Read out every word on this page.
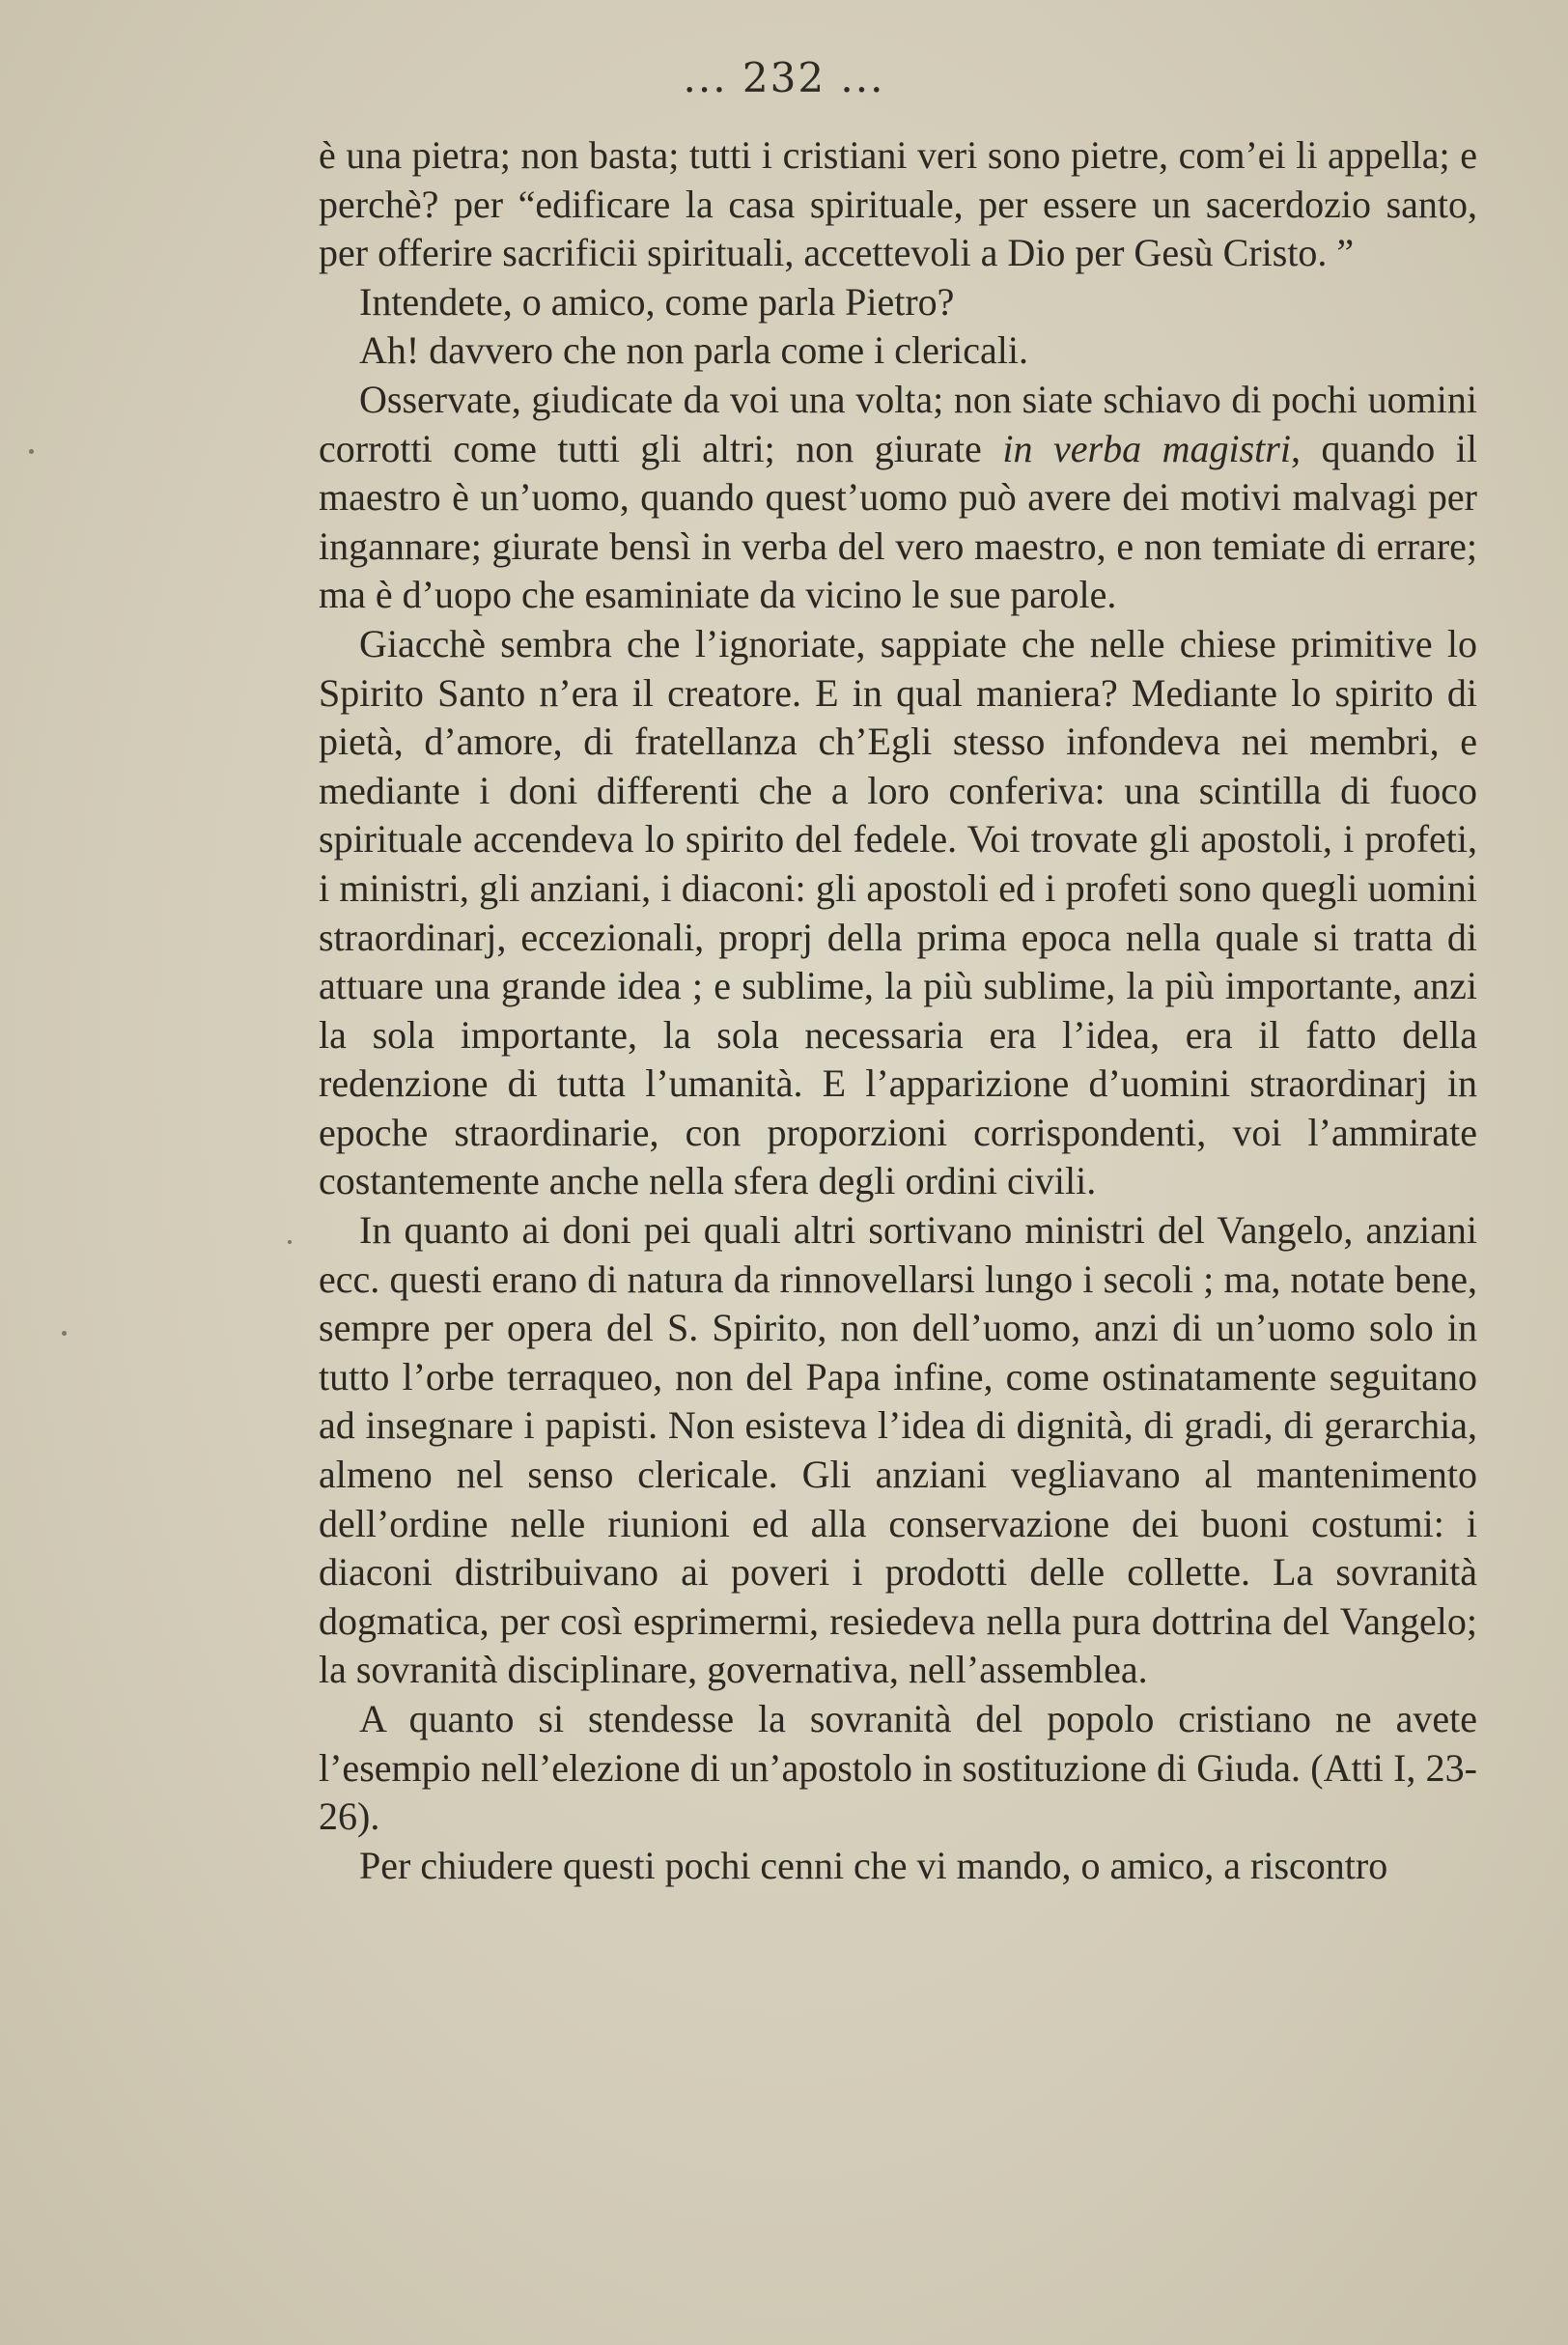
... 232 ...

è una pietra; non basta; tutti i cristiani veri sono pietre, com’ei li appella; e perchè? per “edificare la casa spirituale, per essere un sacerdozio santo, per offerire sacrificii spirituali, accettevoli a Dio per Gesù Cristo. ”

Intendete, o amico, come parla Pietro?

Ah! davvero che non parla come i clericali.

Osservate, giudicate da voi una volta; non siate schiavo di pochi uomini corrotti come tutti gli altri; non giurate in verba magistri, quando il maestro è un’uomo, quando quest’uomo può avere dei motivi malvagi per ingannare; giurate bensì in verba del vero maestro, e non temiate di errare; ma è d’uopo che esaminiate da vicino le sue parole.

Giacchè sembra che l’ignoriate, sappiate che nelle chiese primitive lo Spirito Santo n’era il creatore. E in qual maniera? Mediante lo spirito di pietà, d’amore, di fratellanza ch’Egli stesso infondeva nei membri, e mediante i doni differenti che a loro conferiva: una scintilla di fuoco spirituale accendeva lo spirito del fedele. Voi trovate gli apostoli, i profeti, i ministri, gli anziani, i diaconi: gli apostoli ed i profeti sono quegli uomini straordinarj, eccezionali, proprj della prima epoca nella quale si tratta di attuare una grande idea ; e sublime, la più sublime, la più importante, anzi la sola importante, la sola necessaria era l’idea, era il fatto della redenzione di tutta l’umanità. E l’apparizione d’uomini straordinarj in epoche straordinarie, con proporzioni corrispondenti, voi l’ammirate costantemente anche nella sfera degli ordini civili.

In quanto ai doni pei quali altri sortivano ministri del Vangelo, anziani ecc. questi erano di natura da rinnovellarsi lungo i secoli ; ma, notate bene, sempre per opera del S. Spirito, non dell’uomo, anzi di un’uomo solo in tutto l’orbe terraqueo, non del Papa infine, come ostinatamente seguitano ad insegnare i papisti. Non esisteva l’idea di dignità, di gradi, di gerarchia, almeno nel senso clericale. Gli anziani vegliavano al mantenimento dell’ordine nelle riunioni ed alla conservazione dei buoni costumi: i diaconi distribuivano ai poveri i prodotti delle collette. La sovranità dogmatica, per così esprimermi, resiedeva nella pura dottrina del Vangelo; la sovranità disciplinare, governativa, nell’assemblea.

A quanto si stendesse la sovranità del popolo cristiano ne avete l’esempio nell’elezione di un’apostolo in sostituzione di Giuda. (Atti I, 23-26).

Per chiudere questi pochi cenni che vi mando, o amico, a riscontro
